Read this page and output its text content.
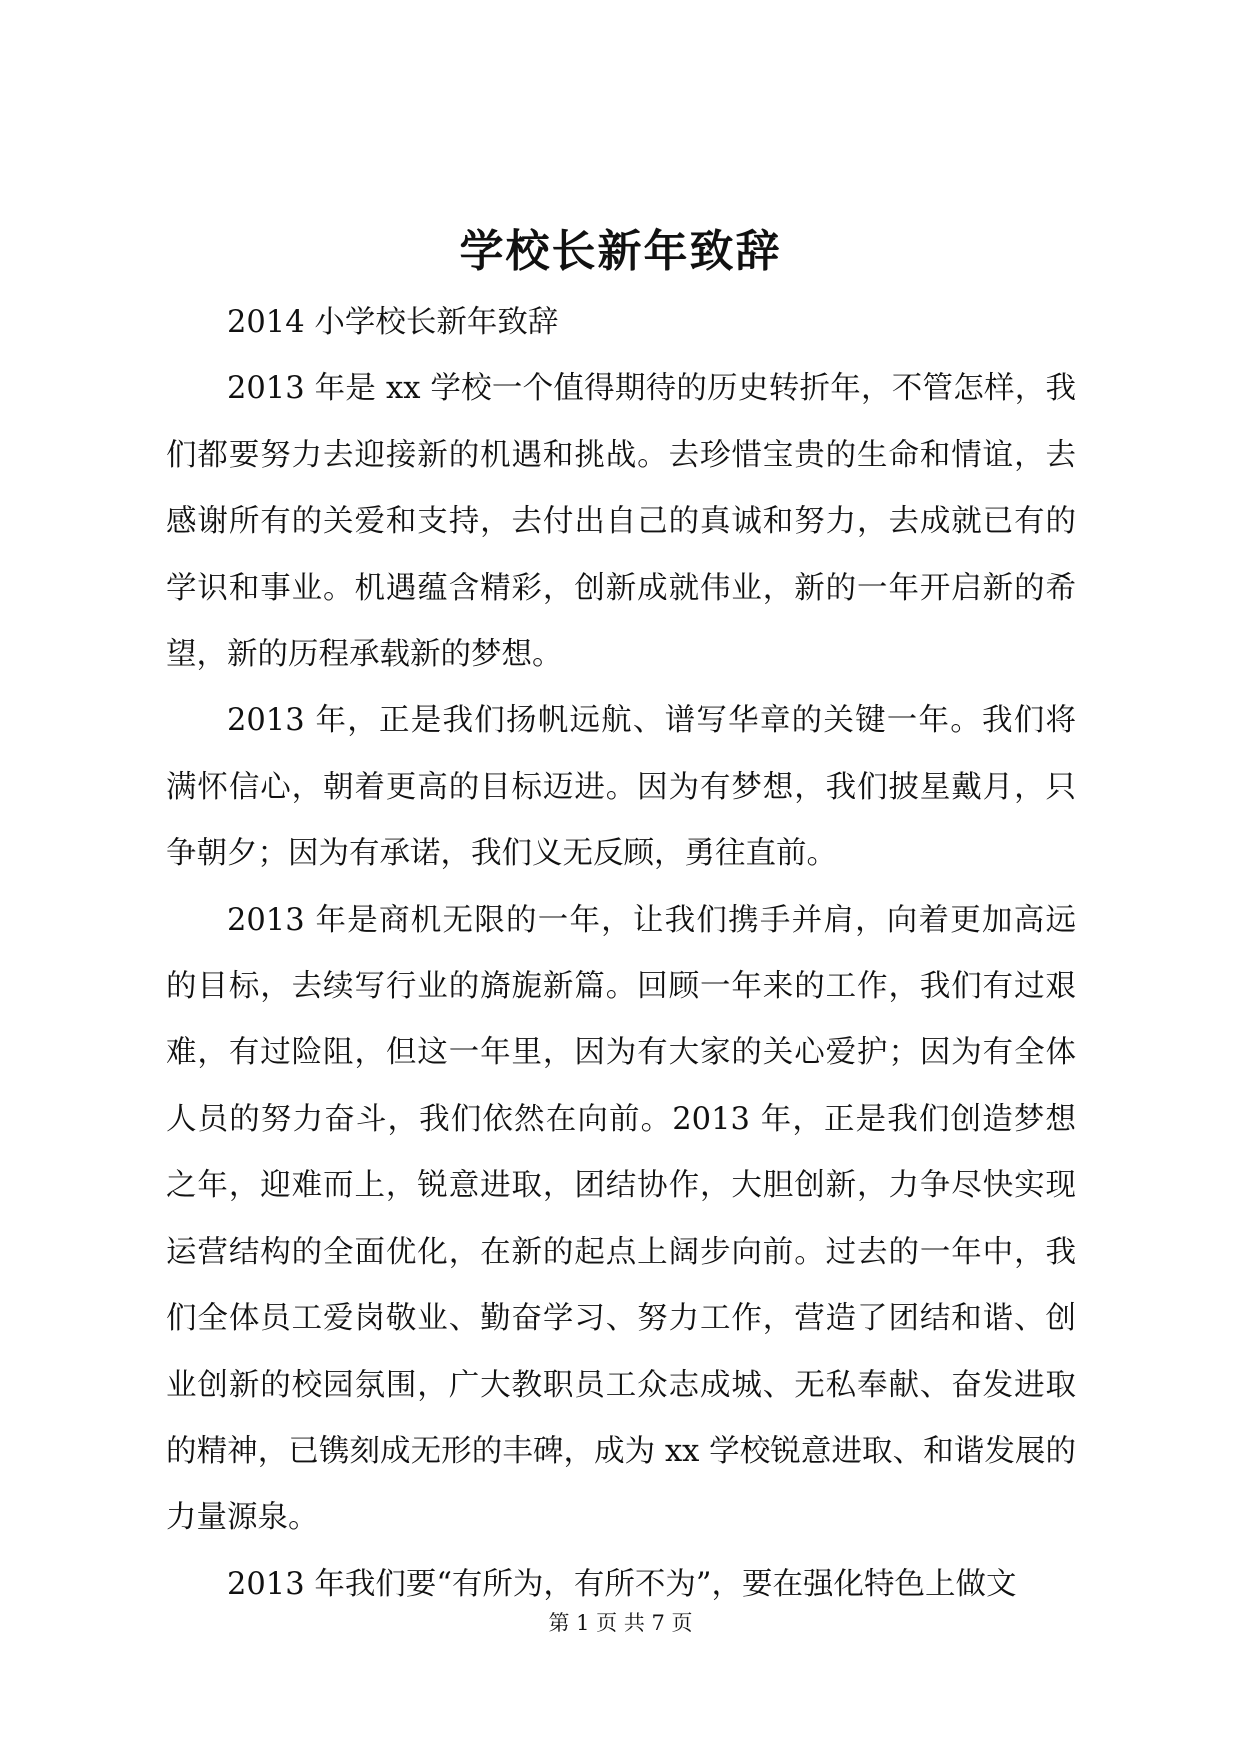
学校长新年致辞

2014 小学校长新年致辞

2013 年是 xx 学校一个值得期待的历史转折年，不管怎样，我们都要努力去迎接新的机遇和挑战。去珍惜宝贵的生命和情谊，去感谢所有的关爱和支持，去付出自己的真诚和努力，去成就已有的学识和事业。机遇蕴含精彩，创新成就伟业，新的一年开启新的希望，新的历程承载新的梦想。

2013 年，正是我们扬帆远航、谱写华章的关键一年。我们将满怀信心，朝着更高的目标迈进。因为有梦想，我们披星戴月，只争朝夕；因为有承诺，我们义无反顾，勇往直前。

2013 年是商机无限的一年，让我们携手并肩，向着更加高远的目标，去续写行业的旖旎新篇。回顾一年来的工作，我们有过艰难，有过险阻，但这一年里，因为有大家的关心爱护；因为有全体人员的努力奋斗，我们依然在向前。2013 年，正是我们创造梦想之年，迎难而上，锐意进取，团结协作，大胆创新，力争尽快实现运营结构的全面优化，在新的起点上阔步向前。过去的一年中，我们全体员工爱岗敬业、勤奋学习、努力工作，营造了团结和谐、创业创新的校园氛围，广大教职员工众志成城、无私奉献、奋发进取的精神，已镌刻成无形的丰碑，成为 xx 学校锐意进取、和谐发展的力量源泉。

2013 年我们要“有所为，有所不为”，要在强化特色上做文

第 1 页 共 7 页
